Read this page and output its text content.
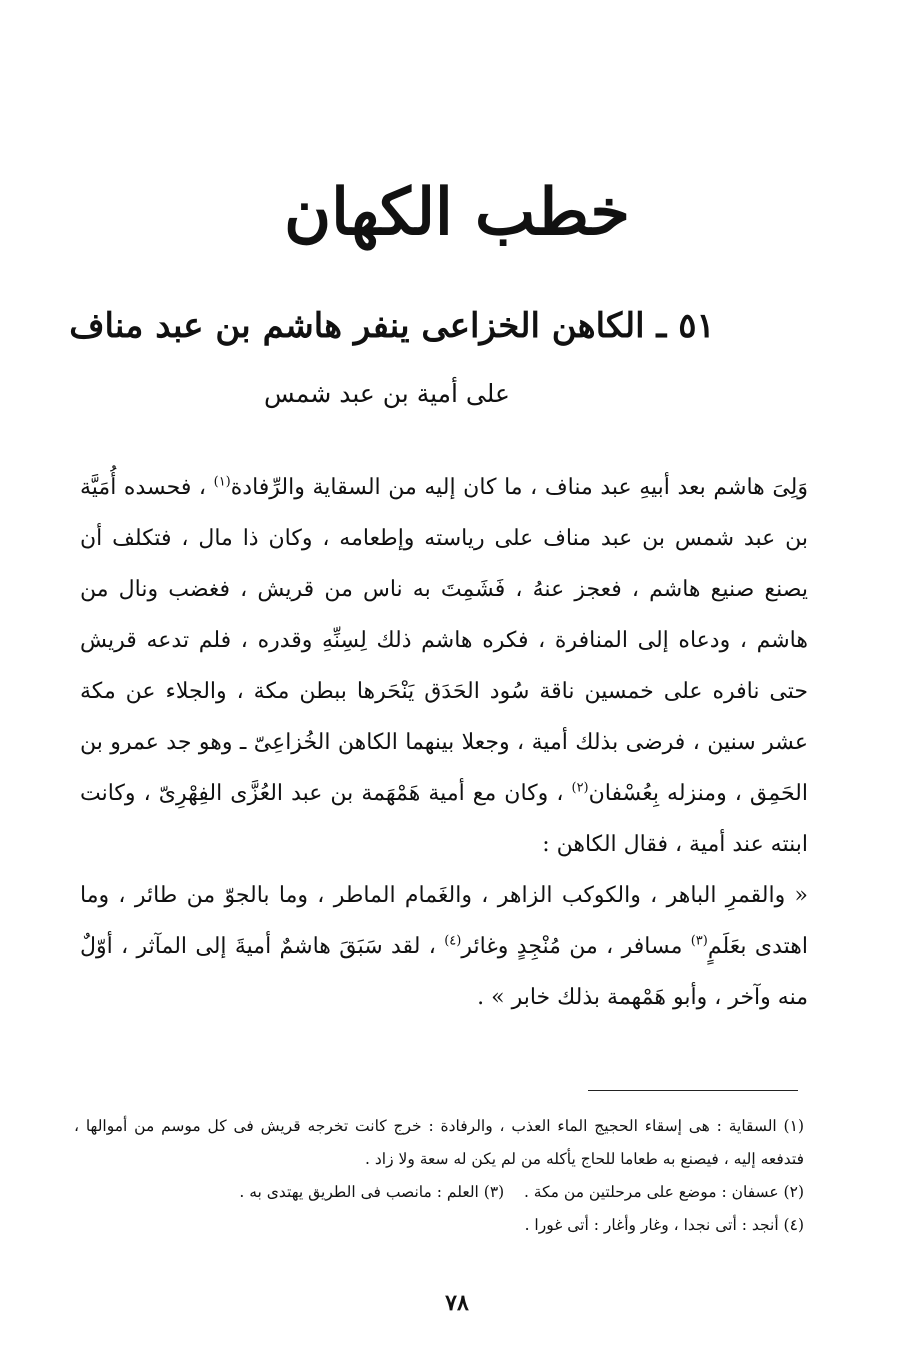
خطب الكهان
٥١ ـ الكاهن الخزاعى ينفر هاشم بن عبد مناف
على أمية بن عبد شمس

وَلِىَ هاشم بعد أبيهِ عبد مناف ، ما كان إليه من السقاية والرِّفادة$^{(١)}$ ، فحسده أُمَيَّة بن عبد شمس بن عبد مناف على رياسته وإطعامه ، وكان ذا مال ، فتكلف أن يصنع صنيع هاشم ، فعجز عنهُ ، فَشَمِتَ به ناس من قريش ، فغضب ونال من هاشم ، ودعاه إلى المنافرة ، فكره هاشم ذلك لِسِنِّهِ وقدره ، فلم تدعه قريش حتى نافره على خمسين ناقة سُود الحَدَق يَنْحَرها ببطن مكة ، والجلاء عن مكة عشر سنين ، فرضى بذلك أمية ، وجعلا بينهما الكاهن الخُزاعِىّ ـ وهو جد عمرو بن الحَمِق ، ومنزله بِعُسْفان$^{(٢)}$ ، وكان مع أمية هَمْهَمة بن عبد العُزَّى الفِهْرِىّ ، وكانت ابنته عند أمية ، فقال الكاهن :

« والقمرِ الباهر ، والكوكب الزاهر ، والغَمام الماطر ، وما بالجوّ من طائر ، وما اهتدى بعَلَمٍ$^{(٣)}$ مسافر ، من مُنْجِدٍ وغائر$^{(٤)}$ ، لقد سَبَقَ هاشمٌ أميةَ إلى المآثر ، أوّلٌ منه وآخر ، وأبو هَمْهمة بذلك خابر » .

(١) السقاية : هى إسقاء الحجيج الماء العذب ، والرفادة : خرج كانت تخرجه قريش فى كل موسم من أموالها ، فتدفعه إليه ، فيصنع به طعاما للحاج يأكله من لم يكن له سعة ولا زاد .

(٢) عسفان : موضع على مرحلتين من مكة .    (٣) العلم : مانصب فى الطريق يهتدى به .

(٤) أنجد : أتى نجدا ، وغار وأغار : أتى غورا .

٧٨
